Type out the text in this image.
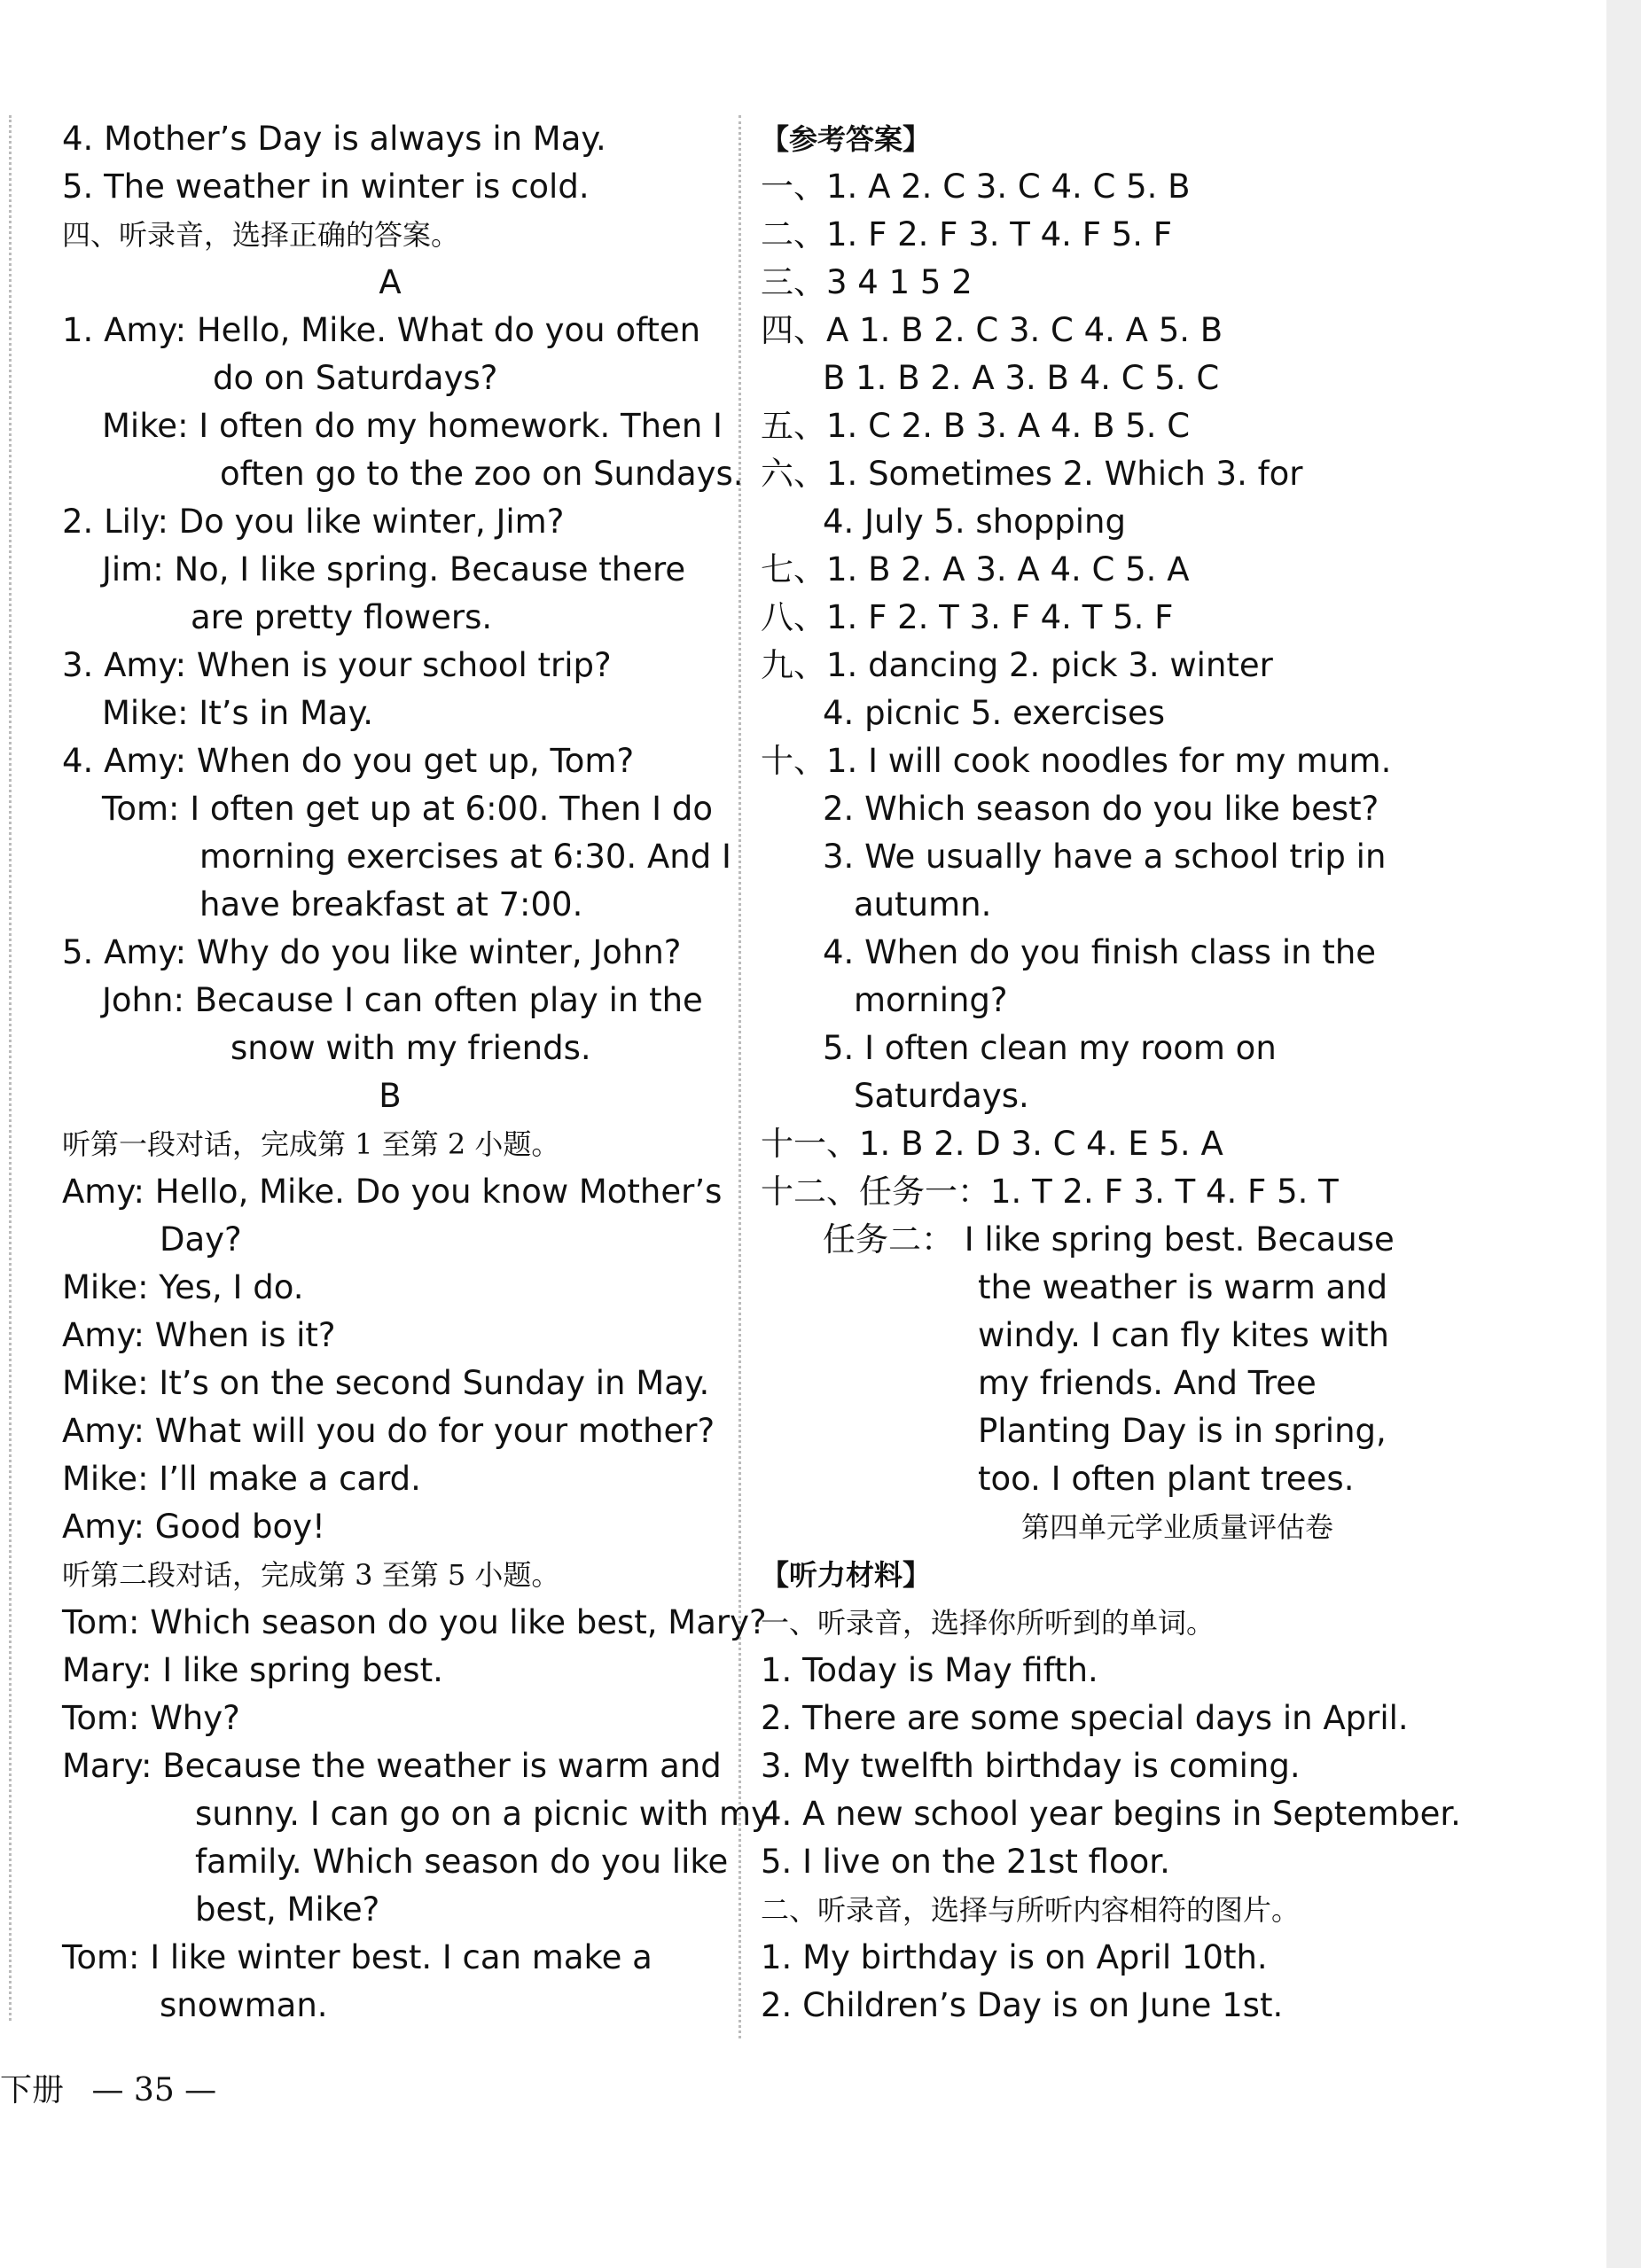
4. Mother’s Day is always in May.
5. The weather in winter is cold.
四、听录音，选择正确的答案。
A
1. Amy: Hello, Mike. What do you often
do on Saturdays?
Mike: I often do my homework. Then I
often go to the zoo on Sundays.
2. Lily: Do you like winter, Jim?
Jim: No, I like spring. Because there
are pretty flowers.
3. Amy: When is your school trip?
Mike: It’s in May.
4. Amy: When do you get up, Tom?
Tom: I often get up at 6:00. Then I do
morning exercises at 6:30. And I
have breakfast at 7:00.
5. Amy: Why do you like winter, John?
John: Because I can often play in the
snow with my friends.
B
听第一段对话，完成第 1 至第 2 小题。
Amy: Hello, Mike. Do you know Mother’s
Day?
Mike: Yes, I do.
Amy: When is it?
Mike: It’s on the second Sunday in May.
Amy: What will you do for your mother?
Mike: I’ll make a card.
Amy: Good boy!
听第二段对话，完成第 3 至第 5 小题。
Tom: Which season do you like best, Mary?
Mary: I like spring best.
Tom: Why?
Mary: Because the weather is warm and
sunny. I can go on a picnic with my
family. Which season do you like
best, Mike?
Tom: I like winter best. I can make a
snowman.
【参考答案】
一、1. A 2. C 3. C 4. C 5. B
二、1. F 2. F 3. T 4. F 5. F
三、3 4 1 5 2
四、A 1. B 2. C 3. C 4. A 5. B
B 1. B 2. A 3. B 4. C 5. C
五、1. C 2. B 3. A 4. B 5. C
六、1. Sometimes 2. Which 3. for
4. July 5. shopping
七、1. B 2. A 3. A 4. C 5. A
八、1. F 2. T 3. F 4. T 5. F
九、1. dancing 2. pick 3. winter
4. picnic 5. exercises
十、1. I will cook noodles for my mum.
2. Which season do you like best?
3. We usually have a school trip in
autumn.
4. When do you finish class in the
morning?
5. I often clean my room on
Saturdays.
十一、1. B 2. D 3. C 4. E 5. A
十二、任务一：1. T 2. F 3. T 4. F 5. T
任务二： I like spring best. Because
the weather is warm and
windy. I can fly kites with
my friends. And Tree
Planting Day is in spring,
too. I often plant trees.
第四单元学业质量评估卷
【听力材料】
一、听录音，选择你所听到的单词。
1. Today is May fifth.
2. There are some special days in April.
3. My twelfth birthday is coming.
4. A new school year begins in September.
5. I live on the 21st floor.
二、听录音，选择与所听内容相符的图片。
1. My birthday is on April 10th.
2. Children’s Day is on June 1st.
下册 — 35 —
